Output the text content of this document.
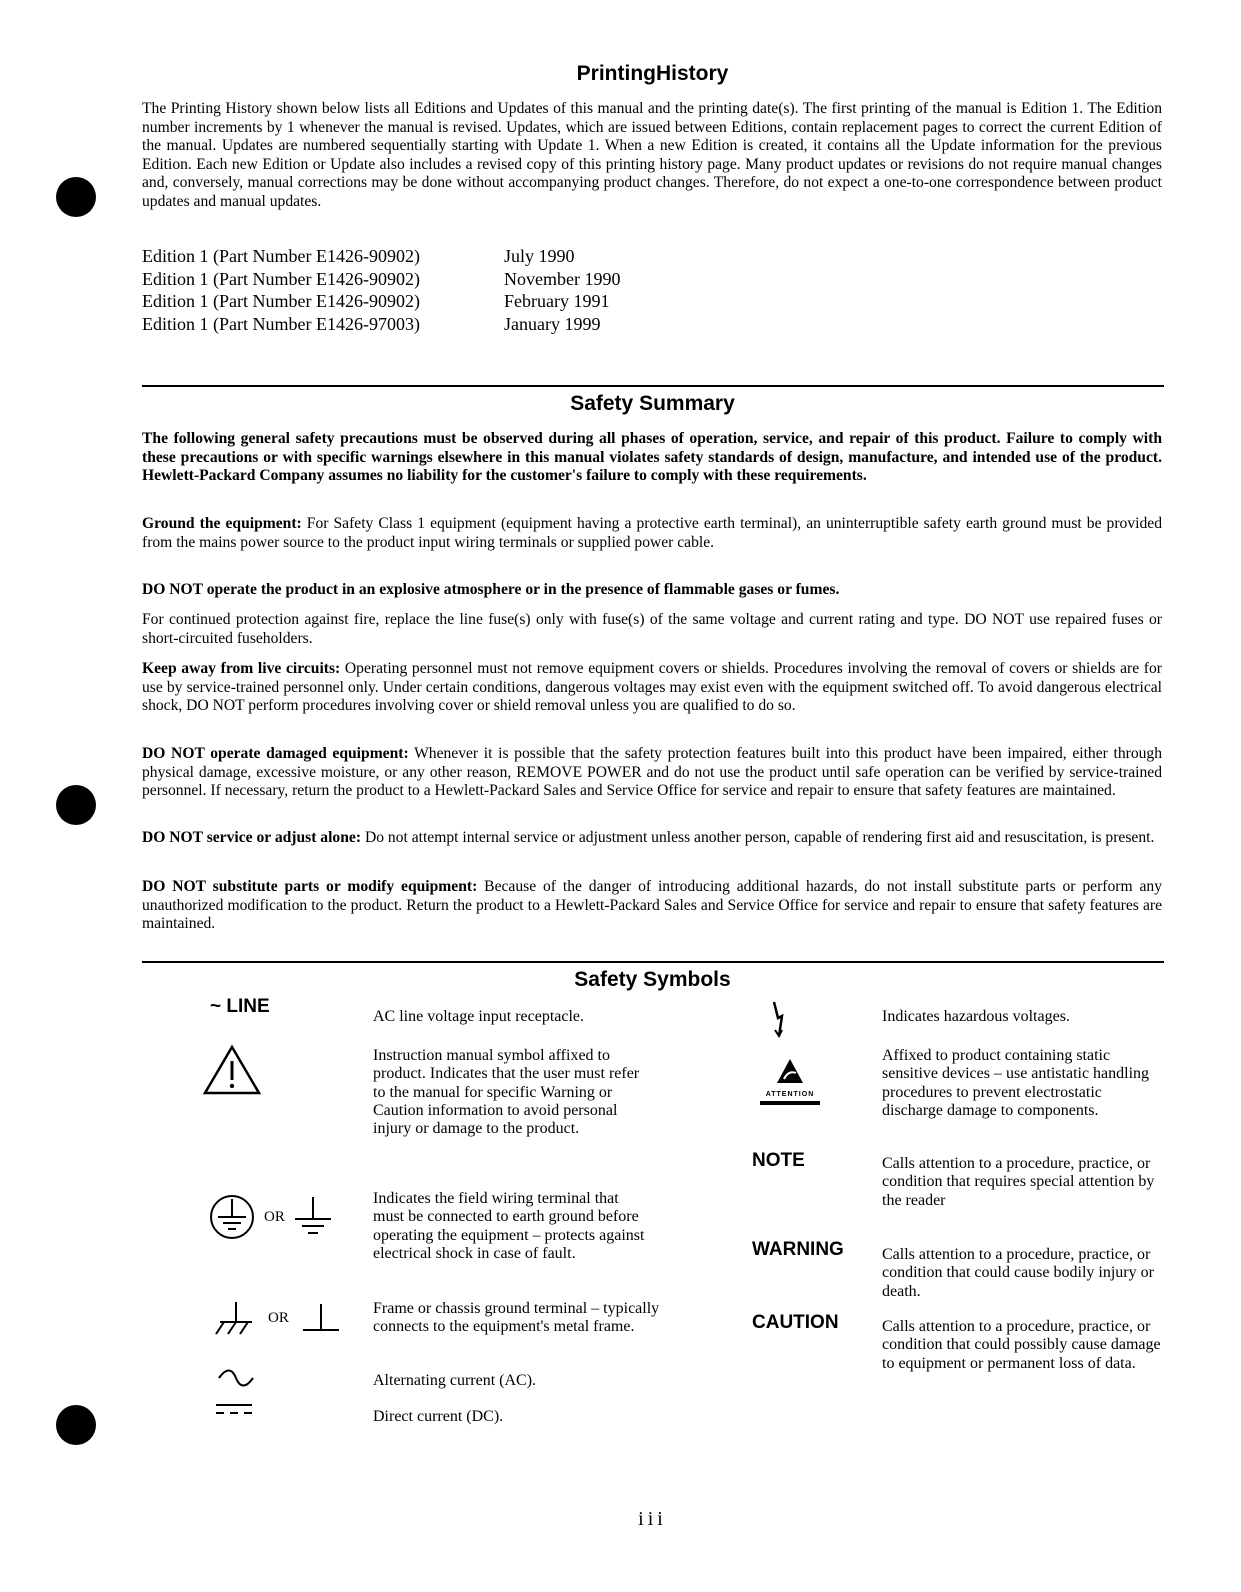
PrintingHistory

The Printing History shown below lists all Editions and Updates of this manual and the printing date(s). The first printing of the manual is Edition 1. The Edition number increments by 1 whenever the manual is revised. Updates, which are issued between Editions, contain replacement pages to correct the current Edition of the manual. Updates are numbered sequentially starting with Update 1. When a new Edition is created, it contains all the Update information for the previous Edition. Each new Edition or Update also includes a revised copy of this printing history page. Many product updates or revisions do not require manual changes and, conversely, manual corrections may be done without accompanying product changes. Therefore, do not expect a one-to-one correspondence between product updates and manual updates.

Edition 1 (Part Number E1426-90902)	July 1990
Edition 1 (Part Number E1426-90902)	November 1990
Edition 1 (Part Number E1426-90902)	February 1991
Edition 1 (Part Number E1426-97003)	January 1999
Safety Summary

The following general safety precautions must be observed during all phases of operation, service, and repair of this product. Failure to comply with these precautions or with specific warnings elsewhere in this manual violates safety standards of design, manufacture, and intended use of the product. Hewlett-Packard Company assumes no liability for the customer's failure to comply with these requirements.

Ground the equipment: For Safety Class 1 equipment (equipment having a protective earth terminal), an uninterruptible safety earth ground must be provided from the mains power source to the product input wiring terminals or supplied power cable.

DO NOT operate the product in an explosive atmosphere or in the presence of flammable gases or fumes.

For continued protection against fire, replace the line fuse(s) only with fuse(s) of the same voltage and current rating and type. DO NOT use repaired fuses or short-circuited fuseholders.

Keep away from live circuits: Operating personnel must not remove equipment covers or shields. Procedures involving the removal of covers or shields are for use by service-trained personnel only. Under certain conditions, dangerous voltages may exist even with the equipment switched off. To avoid dangerous electrical shock, DO NOT perform procedures involving cover or shield removal unless you are qualified to do so.

DO NOT operate damaged equipment: Whenever it is possible that the safety protection features built into this product have been impaired, either through physical damage, excessive moisture, or any other reason, REMOVE POWER and do not use the product until safe operation can be verified by service-trained personnel. If necessary, return the product to a Hewlett-Packard Sales and Service Office for service and repair to ensure that safety features are maintained.

DO NOT service or adjust alone: Do not attempt internal service or adjustment unless another person, capable of rendering first aid and resuscitation, is present.

DO NOT substitute parts or modify equipment: Because of the danger of introducing additional hazards, do not install substitute parts or perform any unauthorized modification to the product. Return the product to a Hewlett-Packard Sales and Service Office for service and repair to ensure that safety features are maintained.

Safety Symbols
~ LINE	AC line voltage input receptacle.

Instruction manual symbol affixed to product. Indicates that the user must refer to the manual for specific Warning or Caution information to avoid personal injury or damage to the product.

OR

Indicates the field wiring terminal that must be connected to earth ground before operating the equipment – protects against electrical shock in case of fault.

OR

Frame or chassis ground terminal – typically connects to the equipment's metal frame.

Alternating current (AC).

Direct current (DC).

Indicates hazardous voltages.

ATTENTION

Affixed to product containing static sensitive devices – use antistatic handling procedures to prevent electrostatic discharge damage to components.

NOTE	Calls attention to a procedure, practice, or condition that requires special attention by the reader

WARNING Calls attention to a procedure, practice, or condition that could cause bodily injury or death.

CAUTION	Calls attention to a procedure, practice, or condition that could possibly cause damage to equipment or permanent loss of data.

iii
